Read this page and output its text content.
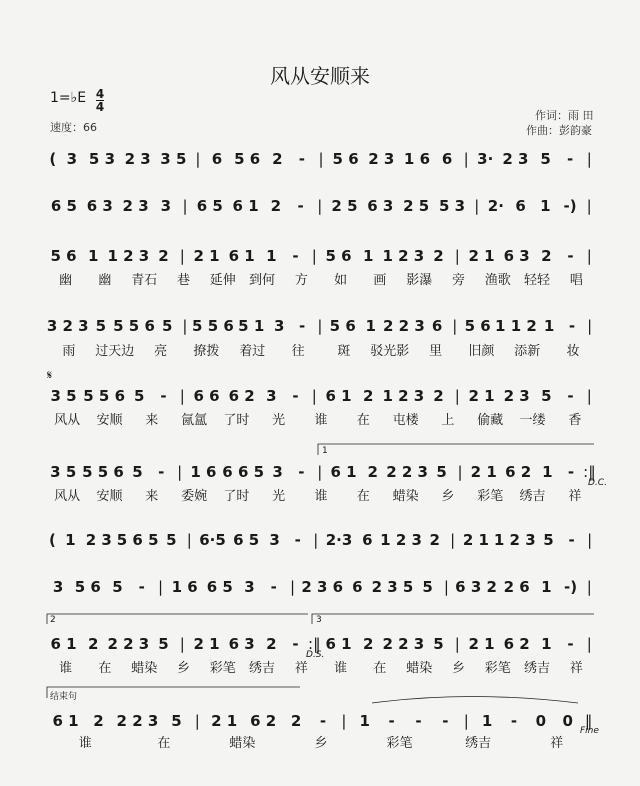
风从安顺来
1=♭E 4
4
速度：66
作词：雨 田
作曲：彭韵豪
𝄋
D.C.
D.S.
Fine
1
2	3
结束句
( 3 5 3 2 3 3 5 | 6 5 6 2	- | 5 6 2 3 1 6 6 | 3· 2 3 5	- |
6 5 6 3 2 3 3 | 6 5 6 1 2	- | 2 5 6 3 2 5 5 3 | 2· 6 1 -) |
5 6 1 1 2 3 2 | 2 1 6 1 1	- | 5 6 1 1 2 3 2 | 2 1 6 3 2	- |
幽	幽	青石	巷	延伸	到何	方	如	画	影瀑	旁	渔歌	轻轻	唱
3 2 3 5 5 5 6 5 | 5 5 6 5 1 3 - | 5 6 1 2 2 3 6 | 5 6 1 1 2 1 - |
雨	过天边	亮	撩拨	着过	往	斑	驳光影	里	旧颜	添新	妆
3 5 5 5 6 5	- | 6 6 6 2 3	- | 6 1 2 1 2 3 2 | 2 1 2 3 5	- |
风从	安顺	来	氤氲	了时	光	谁	在	屯楼	上	偷藏	一缕	香
3 5 5 5 6 5	- | 1 6 6 6 5 3	- | 6 1 2 2 2 3 5 | 2 1 6 2 1	- :‖
风从	安顺	来	委婉	了时	光	谁	在	蜡染	乡	彩笔	绣吉	祥
( 1 2 3 5 6 5 5 | 6·5 6 5 3 - | 2·3 6 1 2 3 2 | 2 1 1 2 3 5 - |
3 5 6 5	- | 1 6 6 5 3	- | 2 3 6 6 2 3 5 5 | 6 3 2 2 6 1 -) |
6 1 2 2 2 3 5 | 2 1 6 3 2	- :‖ 6 1 2 2 2 3 5 | 2 1 6 2 1	- |
谁	在	蜡染	乡	彩笔	绣吉	祥	谁	在	蜡染	乡	彩笔	绣吉	祥
6 1 2 2 2 3 5 | 2 1 6 2 2	-	| 1	-	-	-	| 1	-	0	0 ‖
谁	在	蜡染	乡	彩笔	绣吉	祥
